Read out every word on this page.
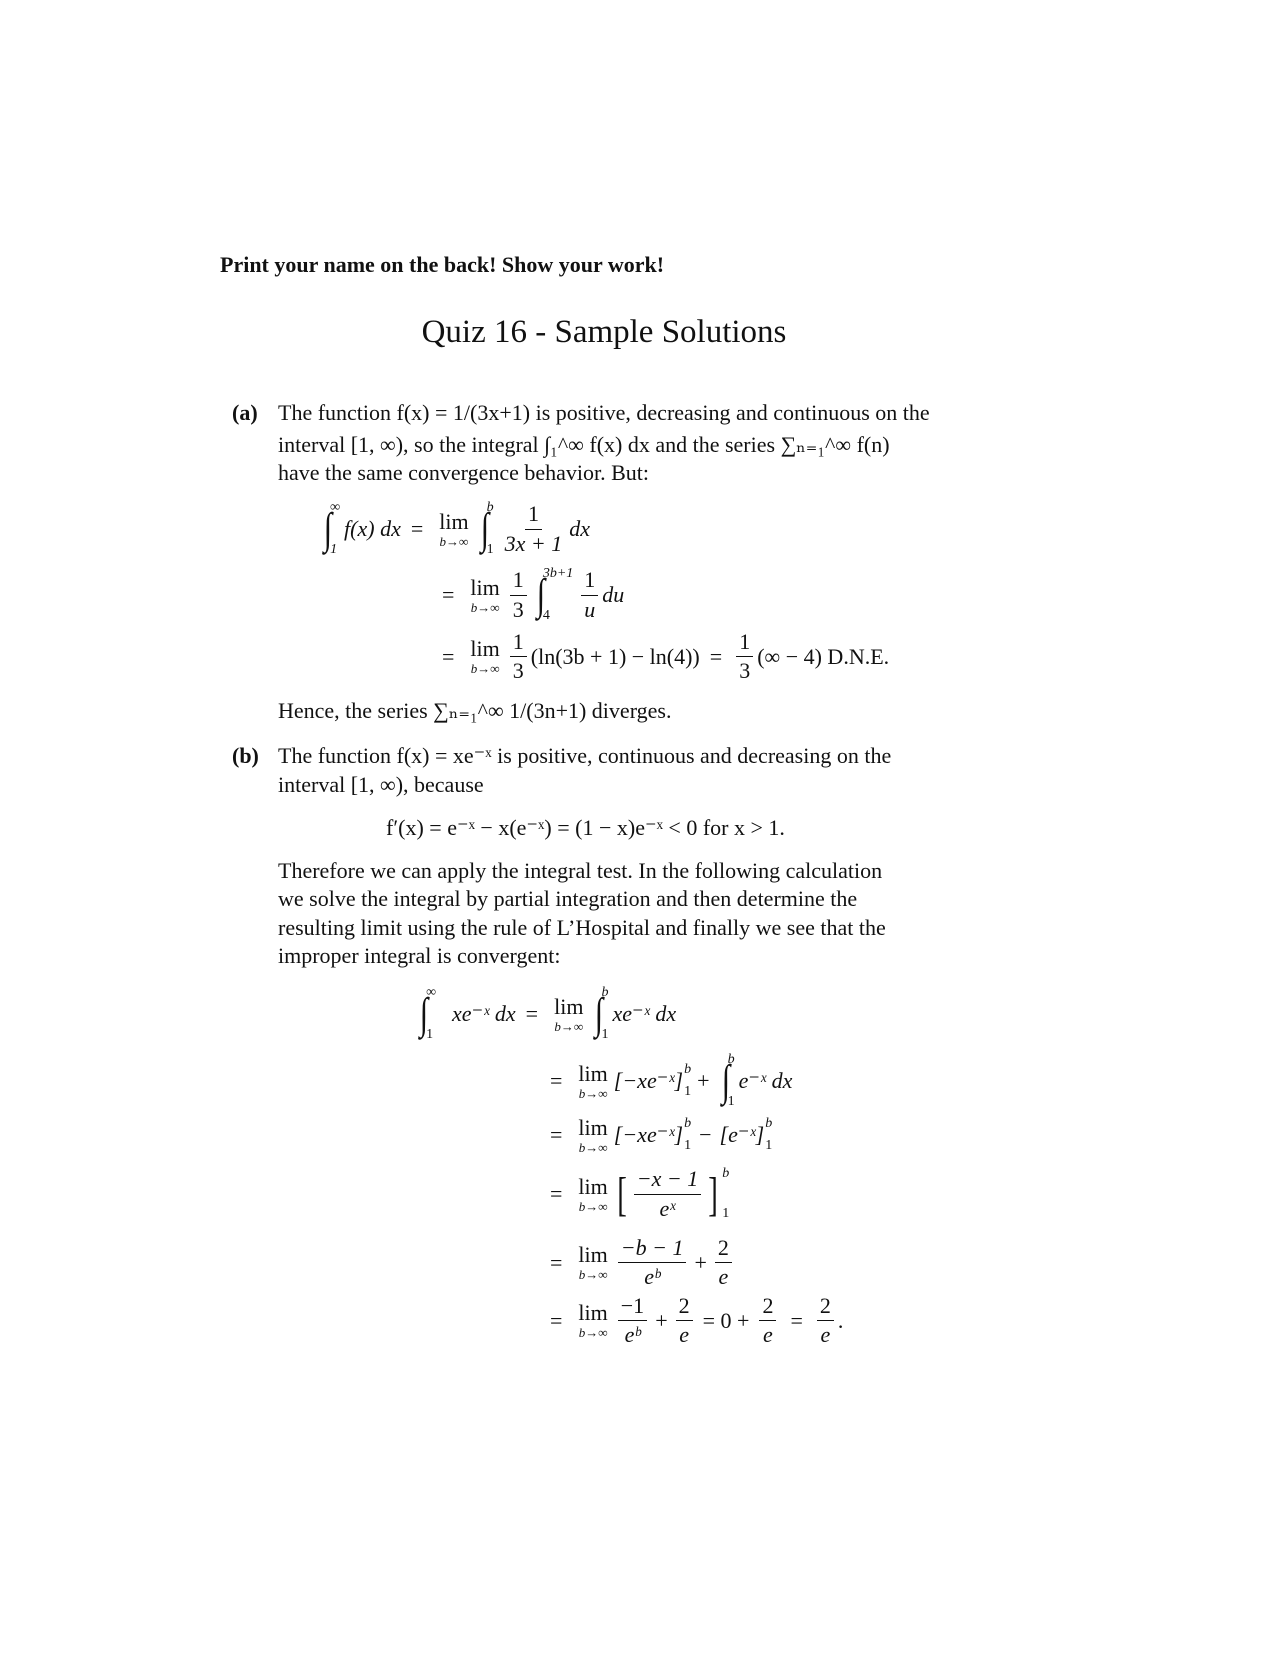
Print your name on the back! Show your work!
Quiz 16 - Sample Solutions
(a) The function f(x) = 1/(3x+1) is positive, decreasing and continuous on the
interval [1, ∞), so the integral ∫₁^∞ f(x) dx and the series ∑ₙ₌₁^∞ f(n)
have the same convergence behavior. But:
∫
∞
1
f(x) dx = lim
b→∞ ∫
b
$1 \frac{1}{3x + 1}$ dx
= lim
$b\to\infty \frac{1}{3}$ ∫
3b+1
4	$\frac{1}{u}$ du
= lim
$b\to\infty \frac{1}{3} (\ln(3b + 1) - \ln(4)) = \frac{1}{3}$ (∞ − 4) D.N.E.
Hence, the series ∑ₙ₌₁^∞ 1/(3n+1) diverges.
(b) The function f(x) = xe⁻ˣ is positive, continuous and decreasing on the
interval [1, ∞), because
f′(x) = e⁻ˣ − x(e⁻ˣ) = (1 − x)e⁻ˣ < 0 for x > 1.
Therefore we can apply the integral test. In the following calculation
we solve the integral by partial integration and then determine the
resulting limit using the rule of L’Hospital and finally we see that the
improper integral is convergent:
∫
∞
1
xe⁻ˣ dx = lim
b→∞ ∫
b
1
xe⁻ˣ dx
= lim
b→∞ [−xe⁻ˣ] b
1 + ∫
b
1
e⁻ˣ dx
= lim
b→∞ [−xe⁻ˣ] b
1 − [e⁻ˣ] b
1
= lim
b→∞ [ $\frac{-x - 1}{\text{eˣ}}$ ] b
1
= lim
$b\to\infty \frac{-b - 1}{\text{eᵇ}} + \frac{2}{e}$
= lim
$b\to\infty \frac{-1}{\text{eᵇ}} + \frac{2}{e} = 0 + \frac{2}{e} = \frac{2}{e}$ .
